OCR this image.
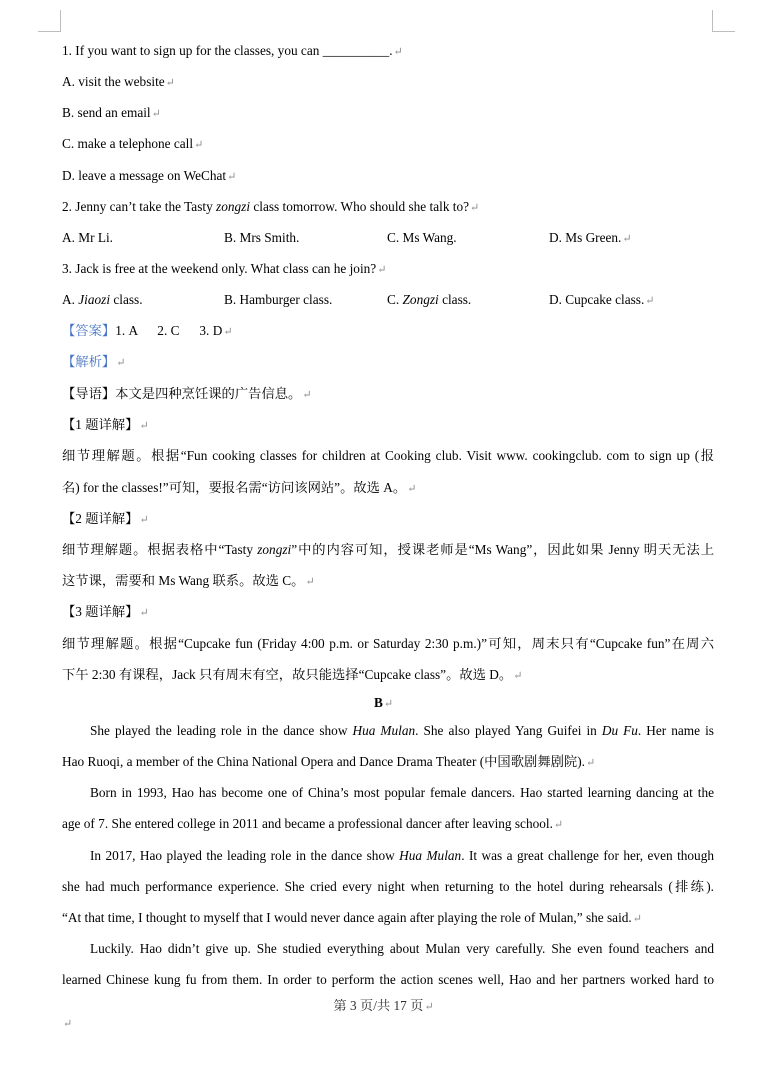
1. If you want to sign up for the classes, you can __________.↵
A. visit the website↵
B. send an email↵
C. make a telephone call↵
D. leave a message on WeChat↵
2. Jenny can’t take the Tasty zongzi class tomorrow. Who should she talk to?↵
A. Mr Li.	B. Mrs Smith.	C. Ms Wang.	D. Ms Green.↵
3. Jack is free at the weekend only. What class can he join?↵
A. Jiaozi class.	B. Hamburger class.	C. Zongzi class.	D. Cupcake class.↵
【答案】1. A      2. C      3. D↵
【解析】↵
【导语】本文是四种烹饪课的广告信息。↵
【1 题详解】↵
细节理解题。根据“Fun cooking classes for children at Cooking club. Visit www. cookingclub. com to sign up (报
名) for the classes!”可知，要报名需“访问该网站”。故选 A。↵
【2 题详解】↵
细节理解题。根据表格中“Tasty zongzi”中的内容可知，授课老师是“Ms Wang”，因此如果 Jenny 明天无法上
这节课，需要和 Ms Wang 联系。故选 C。↵
【3 题详解】↵
细节理解题。根据“Cupcake fun (Friday 4:00 p.m. or Saturday 2:30 p.m.)”可知，周末只有“Cupcake fun”在周六
下午 2:30 有课程，Jack 只有周末有空，故只能选择“Cupcake class”。故选 D。↵
B↵
She played the leading role in the dance show Hua Mulan. She also played Yang Guifei in Du Fu. Her name is
Hao Ruoqi, a member of the China National Opera and Dance Drama Theater (中国歌剧舞剧院).↵
Born in 1993, Hao has become one of China’s most popular female dancers. Hao started learning dancing at the
age of 7. She entered college in 2011 and became a professional dancer after leaving school.↵
In 2017, Hao played the leading role in the dance show Hua Mulan. It was a great challenge for her, even though
she had much performance experience. She cried every night when returning to the hotel during rehearsals (排练).
“At that time, I thought to myself that I would never dance again after playing the role of Mulan,” she said.↵
Luckily. Hao didn’t give up. She studied everything about Mulan very carefully. She even found teachers and
learned Chinese kung fu from them. In order to perform the action scenes well, Hao and her partners worked hard to
第 3 页/共 17 页↵
↵
